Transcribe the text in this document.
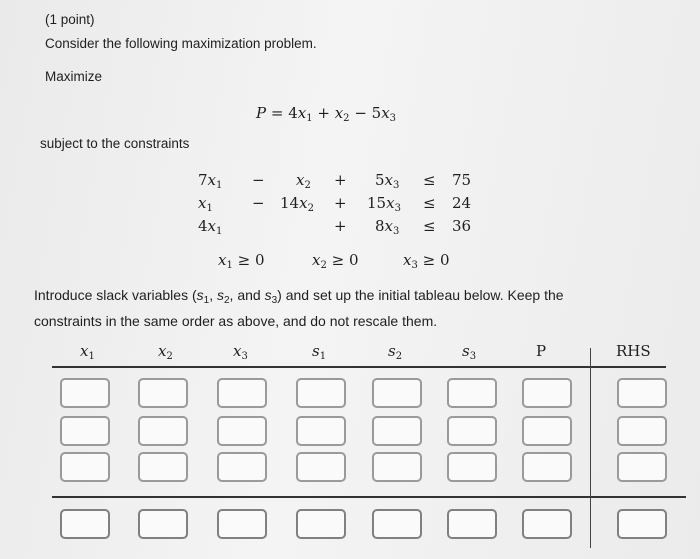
(1 point)
Consider the following maximization problem.
Maximize
$P = 4x_1 + x_2 - 5x_3$
subject to the constraints
$7x_1 - x_2 + 5x_3 \le 75$
$x_1$	− $14x_2 + 15x_3 \le 24$
$4x_1$	+ $8x_3 \le 36$
$x_1 \ge 0$	$x_2 \ge 0$	$x_3 \ge 0$
Introduce slack variables ($s_1$, $s_2$, and $s_3$) and set up the initial tableau below. Keep the constraints in the same order as above, and do not rescale them.
$x_1$	$x_2$	$x_3$	$s_1$	$s_2$	$s_3$	P	RHS
